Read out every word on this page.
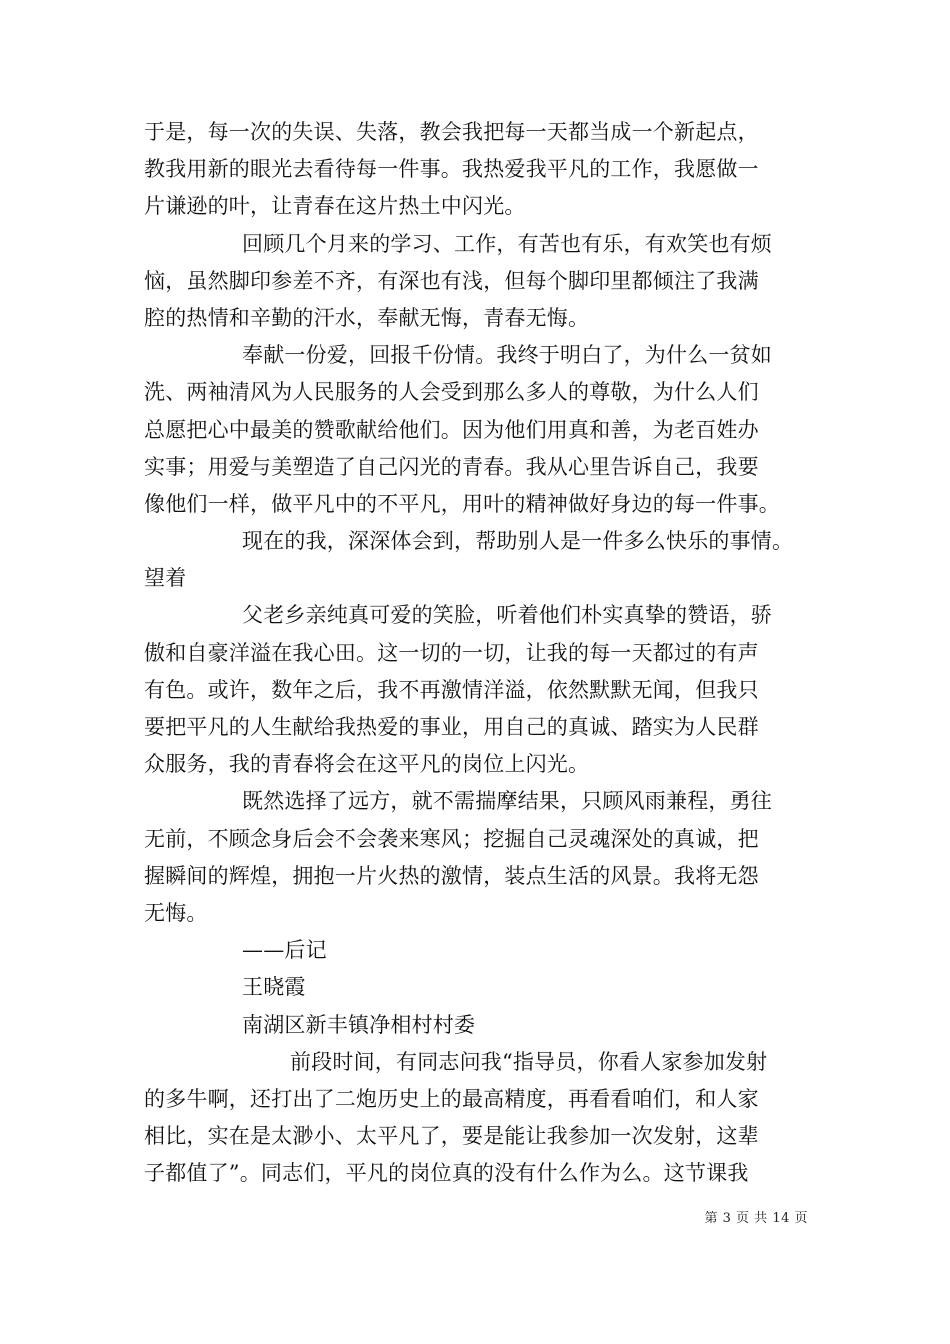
于是，每一次的失误、失落，教会我把每一天都当成一个新起点，
教我用新的眼光去看待每一件事。我热爱我平凡的工作，我愿做一
片谦逊的叶，让青春在这片热土中闪光。
回顾几个月来的学习、工作，有苦也有乐，有欢笑也有烦
恼，虽然脚印参差不齐，有深也有浅，但每个脚印里都倾注了我满
腔的热情和辛勤的汗水，奉献无悔，青春无悔。
奉献一份爱，回报千份情。我终于明白了，为什么一贫如
洗、两袖清风为人民服务的人会受到那么多人的尊敬，为什么人们
总愿把心中最美的赞歌献给他们。因为他们用真和善，为老百姓办
实事；用爱与美塑造了自己闪光的青春。我从心里告诉自己，我要
像他们一样，做平凡中的不平凡，用叶的精神做好身边的每一件事。
现在的我，深深体会到，帮助别人是一件多么快乐的事情。
望着
父老乡亲纯真可爱的笑脸，听着他们朴实真挚的赞语，骄
傲和自豪洋溢在我心田。这一切的一切，让我的每一天都过的有声
有色。或许，数年之后，我不再激情洋溢，依然默默无闻，但我只
要把平凡的人生献给我热爱的事业，用自己的真诚、踏实为人民群
众服务，我的青春将会在这平凡的岗位上闪光。
既然选择了远方，就不需揣摩结果，只顾风雨兼程，勇往
无前，不顾念身后会不会袭来寒风；挖掘自己灵魂深处的真诚，把
握瞬间的辉煌，拥抱一片火热的激情，装点生活的风景。我将无怨
无悔。
——后记
王晓霞
南湖区新丰镇净相村村委
前段时间，有同志问我“指导员，你看人家参加发射
的多牛啊，还打出了二炮历史上的最高精度，再看看咱们，和人家
相比，实在是太渺小、太平凡了，要是能让我参加一次发射，这辈
子都值了”。同志们，平凡的岗位真的没有什么作为么。这节课我
第 3 页 共 14 页
